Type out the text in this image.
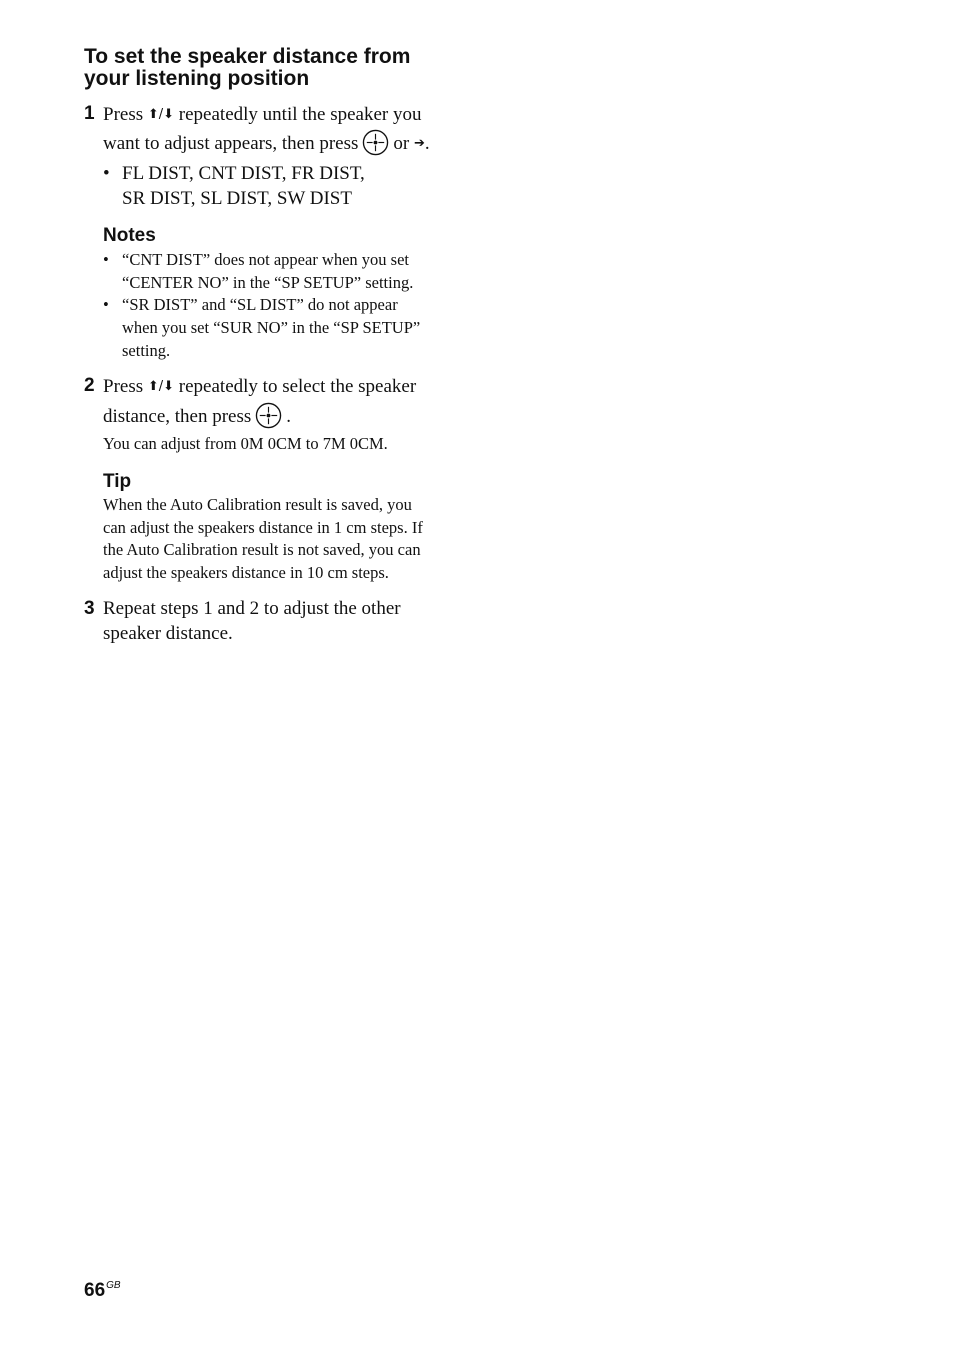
To set the speaker distance from
your listening position
1 Press ⬆/⬇ repeatedly until the speaker you
want to adjust appears, then press or ➔.
• FL DIST, CNT DIST, FR DIST,
SR DIST, SL DIST, SW DIST
Notes
• “CNT DIST” does not appear when you set
“CENTER NO” in the “SP SETUP” setting.
• “SR DIST” and “SL DIST” do not appear
when you set “SUR NO” in the “SP SETUP”
setting.
2 Press ⬆/⬇ repeatedly to select the speaker
distance, then press .
You can adjust from 0M 0CM to 7M 0CM.
Tip
When the Auto Calibration result is saved, you
can adjust the speakers distance in 1 cm steps. If
the Auto Calibration result is not saved, you can
adjust the speakers distance in 10 cm steps.
3 Repeat steps 1 and 2 to adjust the other
speaker distance.
$66^{GB}$
